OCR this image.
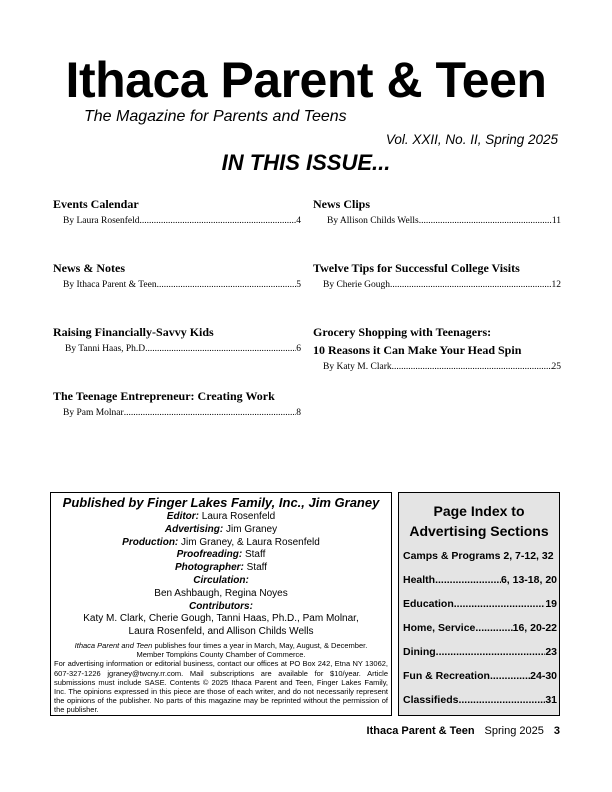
Ithaca Parent & Teen
The Magazine for Parents and Teens
Vol. XXII, No. II, Spring 2025
IN THIS ISSUE...
Events Calendar
By Laura Rosenfeld .....	4
News & Notes
By Ithaca Parent & Teen .....	5
Raising Financially-Savvy Kids
By Tanni Haas, Ph.D. .....	6
The Teenage Entrepreneur: Creating Work
By Pam Molnar .....	8
News Clips
By Allison Childs Wells .....	11
Twelve Tips for Successful College Visits
By Cherie Gough .....	12
Grocery Shopping with Teenagers:
10 Reasons it Can Make Your Head Spin
By Katy M. Clark .....	25
Published by Finger Lakes Family, Inc., Jim Graney
Editor: Laura Rosenfeld
Advertising: Jim Graney
Production: Jim Graney, & Laura Rosenfeld
Proofreading: Staff
Photographer: Staff
Circulation:
Ben Ashbaugh, Regina Noyes
Contributors:
Katy M. Clark, Cherie Gough, Tanni Haas, Ph.D., Pam Molnar,
Laura Rosenfeld, and Allison Childs Wells
Ithaca Parent and Teen publishes four times a year in March, May, August, & December.
Member Tompkins County Chamber of Commerce.
For advertising information or editorial business, contact our offices at PO Box 242, Etna NY 13062, 607-327-1226 jgraney@twcny.rr.com. Mail subscriptions are available for $10/year. Article submissions must include SASE. Contents © 2025 Ithaca Parent and Teen, Finger Lakes Family, Inc. The opinions expressed in this piece are those of each writer, and do not necessarily represent the opinions of the publisher. No parts of this magazine may be reprinted without the permission of the publisher.
Page Index to
Advertising Sections
Camps & Programs 2, 7-12, 32
Health .....	6, 13-18, 20
Education .....	19
Home, Service .....	16, 20-22
Dining .....	23
Fun & Recreation .....	24-30
Classifieds .....	31
Ithaca Parent & Teen Spring 2025 3
